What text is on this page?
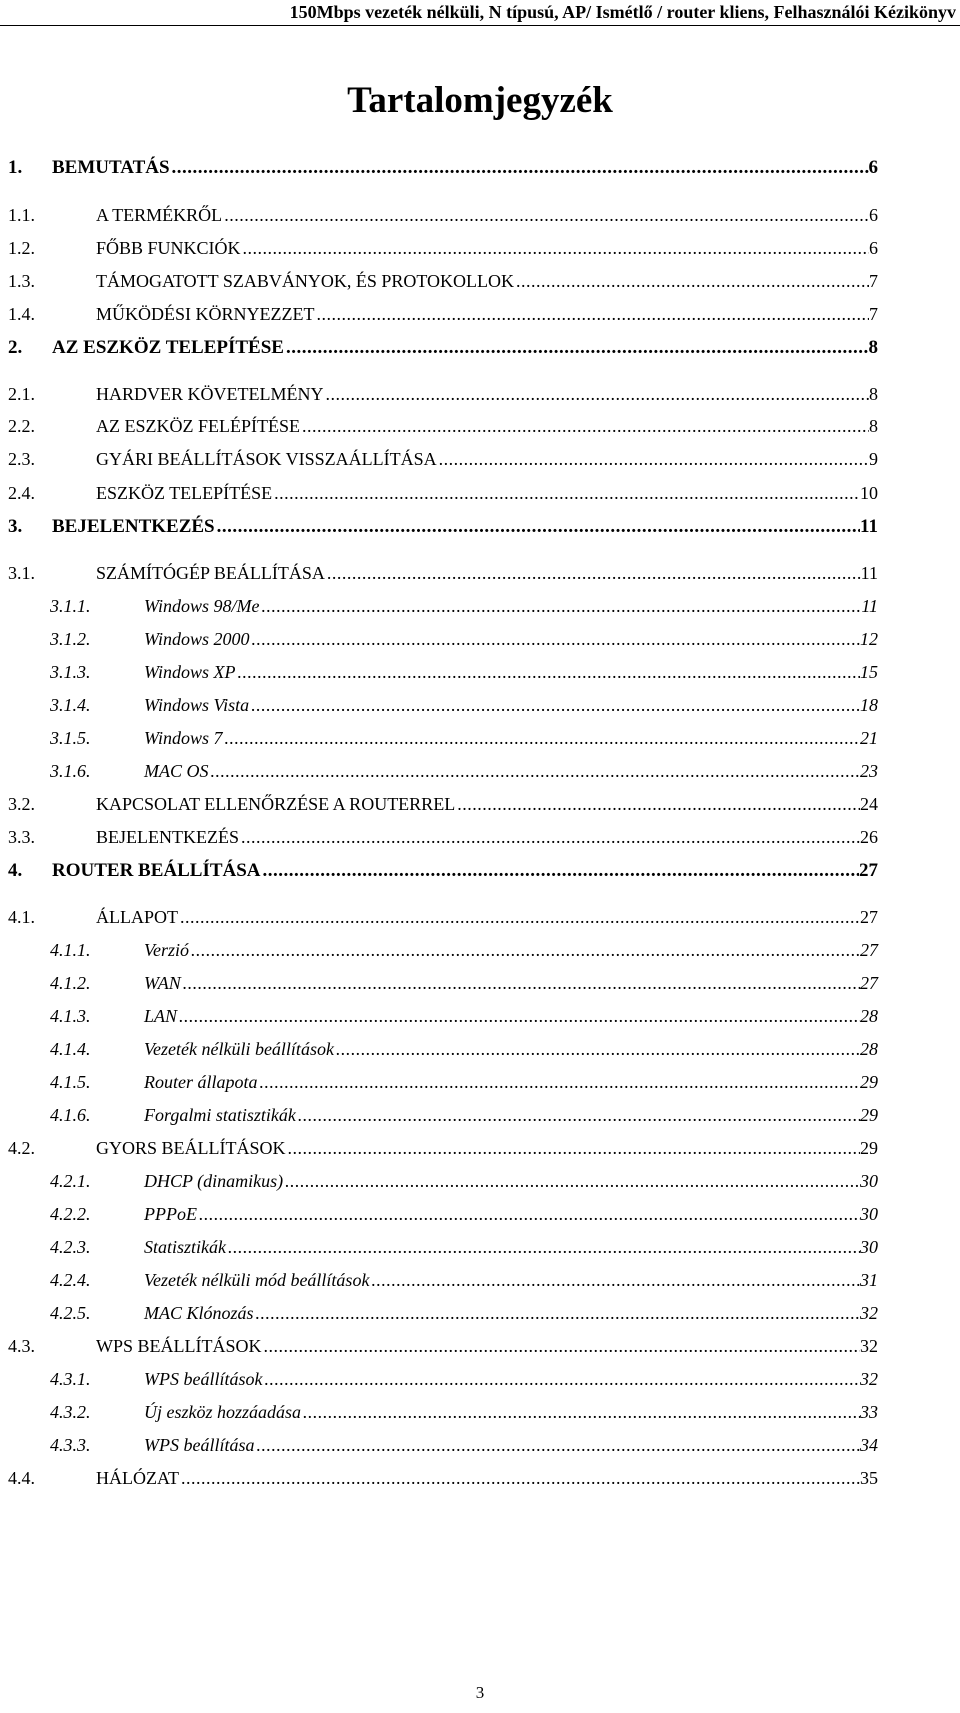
150Mbps vezeték nélküli, N típusú, AP/ Ismétlő / router kliens, Felhasználói Kézikönyv
Tartalomjegyzék
1.	BEMUTATÁS .....	6
1.1.	A TERMÉKRŐL .....	6
1.2.	FŐBB FUNKCIÓK .....	6
1.3.	TÁMOGATOTT SZABVÁNYOK, ÉS PROTOKOLLOK .....	7
1.4.	MŰKÖDÉSI KÖRNYEZZET .....	7
2.	AZ ESZKÖZ TELEPÍTÉSE .....	8
2.1.	HARDVER KÖVETELMÉNY .....	8
2.2.	AZ ESZKÖZ FELÉPÍTÉSE .....	8
2.3.	GYÁRI BEÁLLÍTÁSOK VISSZAÁLLÍTÁSA .....	9
2.4.	ESZKÖZ TELEPÍTÉSE .....	10
3.	BEJELENTKEZÉS .....	11
3.1.	SZÁMÍTÓGÉP BEÁLLÍTÁSA .....	11
3.1.1.	Windows 98/Me .....	11
3.1.2.	Windows 2000 .....	12
3.1.3.	Windows XP .....	15
3.1.4.	Windows Vista .....	18
3.1.5.	Windows 7 .....	21
3.1.6.	MAC OS .....	23
3.2.	KAPCSOLAT ELLENŐRZÉSE A ROUTERREL .....	24
3.3.	BEJELENTKEZÉS .....	26
4.	ROUTER BEÁLLÍTÁSA .....	27
4.1.	ÁLLAPOT .....	27
4.1.1.	Verzió .....	27
4.1.2.	WAN .....	27
4.1.3.	LAN .....	28
4.1.4.	Vezeték nélküli beállítások .....	28
4.1.5.	Router állapota .....	29
4.1.6.	Forgalmi statisztikák .....	29
4.2.	GYORS BEÁLLÍTÁSOK .....	29
4.2.1.	DHCP (dinamikus) .....	30
4.2.2.	PPPoE .....	30
4.2.3.	Statisztikák .....	30
4.2.4.	Vezeték nélküli mód beállítások .....	31
4.2.5.	MAC Klónozás .....	32
4.3.	WPS BEÁLLÍTÁSOK .....	32
4.3.1.	WPS beállítások .....	32
4.3.2.	Új eszköz hozzáadása .....	33
4.3.3.	WPS beállítása .....	34
4.4.	HÁLÓZAT .....	35
3
